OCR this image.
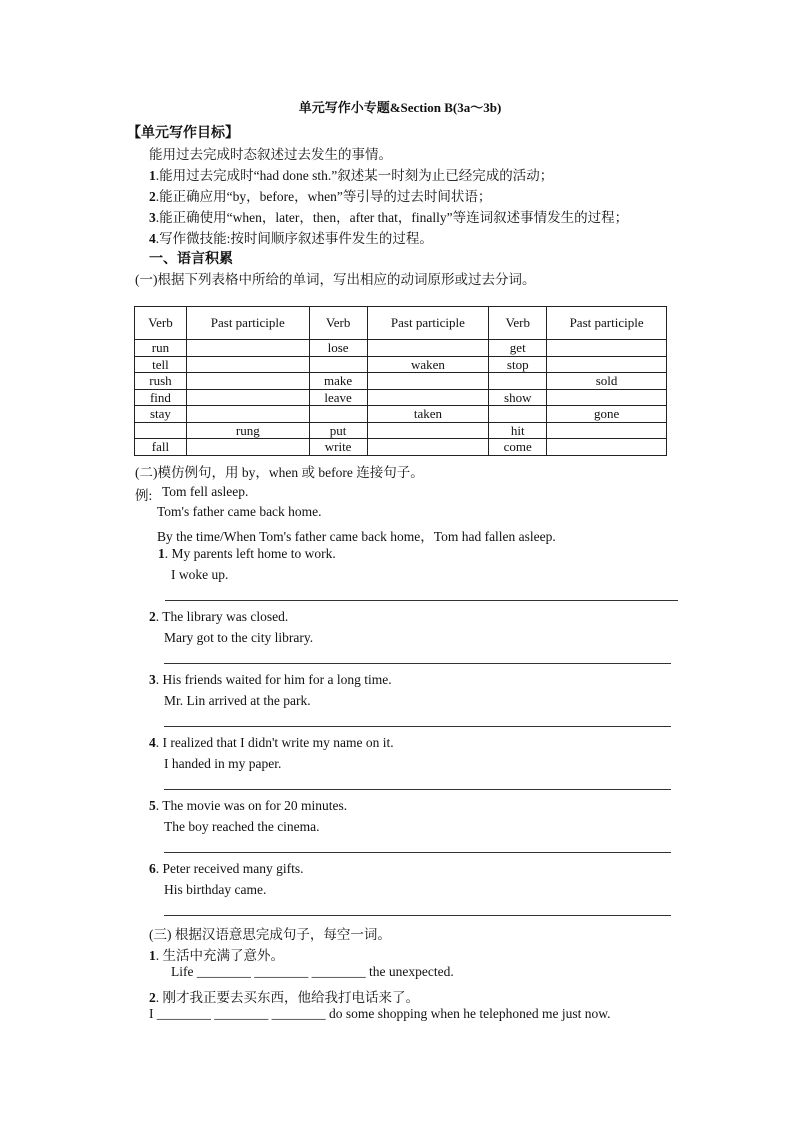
单元写作小专题&Section B(3a～3b)
【单元写作目标】
能用过去完成时态叙述过去发生的事情。
1.能用过去完成时“had done sth.”叙述某一时刻为止已经完成的活动；
2.能正确应用“by，before，when”等引导的过去时间状语；
3.能正确使用“when，later，then，after that，finally”等连词叙述事情发生的过程；
4.写作微技能:按时间顺序叙述事件发生的过程。
一、语言积累
(一)根据下列表格中所给的单词，写出相应的动词原形或过去分词。
Verb	Past participle	Verb	Past participle	Verb	Past participle
run		lose		get	
tell			waken	stop	
rush		make			sold
find		leave		show	
stay			taken		gone
	rung	put		hit	
fall		write		come	
(二)模仿例句，用 by，when 或 before 连接句子。
例: Tom fell asleep.
Tom's father came back home.
By the time/When Tom's father came back home，Tom had fallen asleep.
1. My parents left home to work.
I woke up.
2. The library was closed.
Mary got to the city library.
3. His friends waited for him for a long time.
Mr. Lin arrived at the park.
4. I realized that I didn't write my name on it.
I handed in my paper.
5. The movie was on for 20 minutes.
The boy reached the cinema.
6. Peter received many gifts.
His birthday came.
(三) 根据汉语意思完成句子，每空一词。
1. 生活中充满了意外。
Life ________ ________ ________ the unexpected.
2. 刚才我正要去买东西，他给我打电话来了。
I ________ ________ ________ do some shopping when he telephoned me just now.
